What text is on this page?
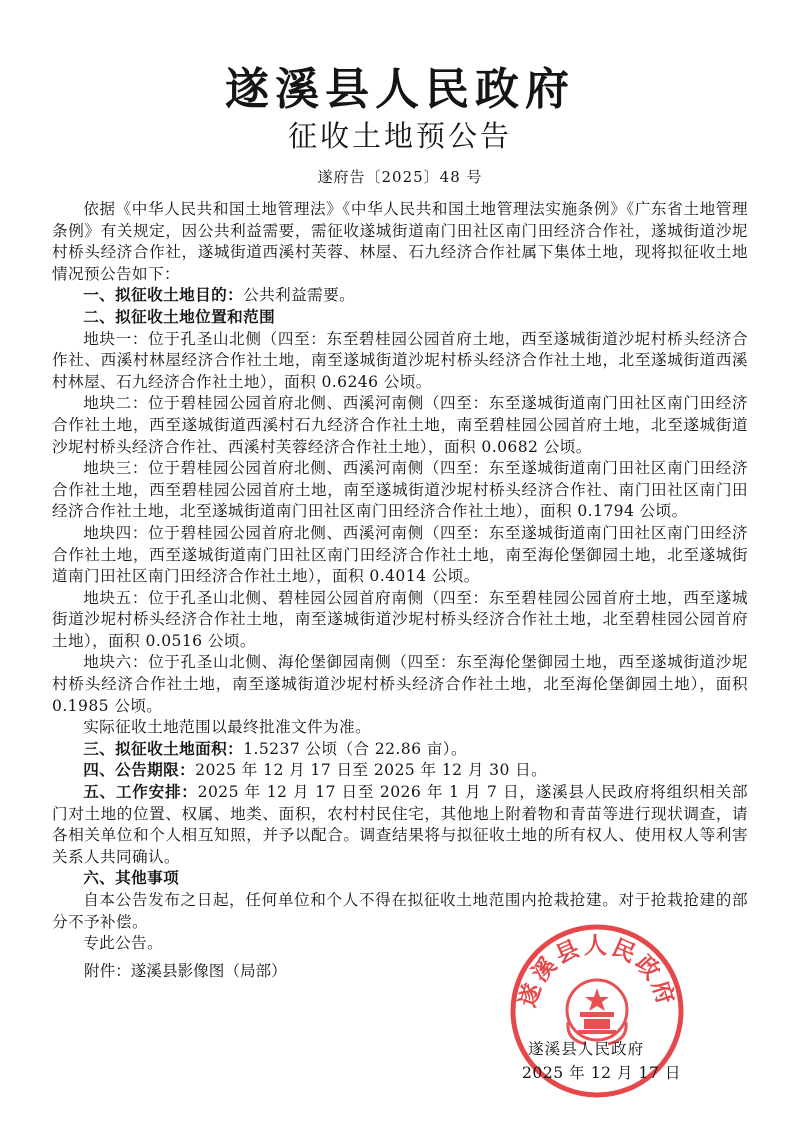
遂溪县人民政府
征收土地预公告
遂府告〔2025〕48 号

依据《中华人民共和国土地管理法》《中华人民共和国土地管理法实施条例》《广东省土地管理条例》有关规定，因公共利益需要，需征收遂城街道南门田社区南门田经济合作社，遂城街道沙坭村桥头经济合作社，遂城街道西溪村芙蓉、林屋、石九经济合作社属下集体土地，现将拟征收土地情况预公告如下：

一、拟征收土地目的：公共利益需要。

二、拟征收土地位置和范围

地块一：位于孔圣山北侧（四至：东至碧桂园公园首府土地，西至遂城街道沙坭村桥头经济合作社、西溪村林屋经济合作社土地，南至遂城街道沙坭村桥头经济合作社土地，北至遂城街道西溪村林屋、石九经济合作社土地），面积 0.6246 公顷。

地块二：位于碧桂园公园首府北侧、西溪河南侧（四至：东至遂城街道南门田社区南门田经济合作社土地，西至遂城街道西溪村石九经济合作社土地，南至碧桂园公园首府土地，北至遂城街道沙坭村桥头经济合作社、西溪村芙蓉经济合作社土地），面积 0.0682 公顷。

地块三：位于碧桂园公园首府北侧、西溪河南侧（四至：东至遂城街道南门田社区南门田经济合作社土地，西至碧桂园公园首府土地，南至遂城街道沙坭村桥头经济合作社、南门田社区南门田经济合作社土地，北至遂城街道南门田社区南门田经济合作社土地），面积 0.1794 公顷。

地块四：位于碧桂园公园首府北侧、西溪河南侧（四至：东至遂城街道南门田社区南门田经济合作社土地，西至遂城街道南门田社区南门田经济合作社土地，南至海伦堡御园土地，北至遂城街道南门田社区南门田经济合作社土地），面积 0.4014 公顷。

地块五：位于孔圣山北侧、碧桂园公园首府南侧（四至：东至碧桂园公园首府土地，西至遂城街道沙坭村桥头经济合作社土地，南至遂城街道沙坭村桥头经济合作社土地，北至碧桂园公园首府土地），面积 0.0516 公顷。

地块六：位于孔圣山北侧、海伦堡御园南侧（四至：东至海伦堡御园土地，西至遂城街道沙坭村桥头经济合作社土地，南至遂城街道沙坭村桥头经济合作社土地，北至海伦堡御园土地），面积 0.1985 公顷。

实际征收土地范围以最终批准文件为准。

三、拟征收土地面积：1.5237 公顷（合 22.86 亩）。

四、公告期限：2025 年 12 月 17 日至 2025 年 12 月 30 日。

五、工作安排：2025 年 12 月 17 日至 2026 年 1 月 7 日，遂溪县人民政府将组织相关部门对土地的位置、权属、地类、面积，农村村民住宅，其他地上附着物和青苗等进行现状调查，请各相关单位和个人相互知照，并予以配合。调查结果将与拟征收土地的所有权人、使用权人等利害关系人共同确认。

六、其他事项

自本公告发布之日起，任何单位和个人不得在拟征收土地范围内抢栽抢建。对于抢栽抢建的部分不予补偿。

专此公告。

附件：遂溪县影像图（局部）
遂溪县人民政府
遂溪县人民政府
2025 年 12 月 17 日
